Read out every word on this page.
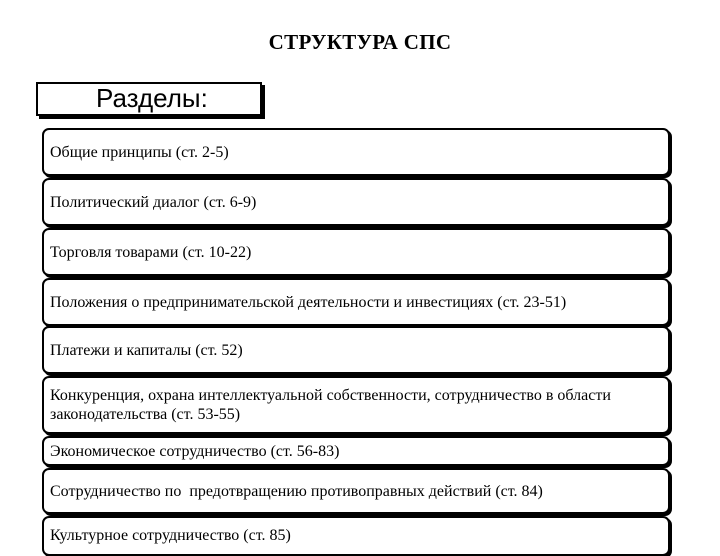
СТРУКТУРА СПС
Разделы:
Общие принципы (ст. 2-5)
Политический диалог (ст. 6-9)
Торговля товарами (ст. 10-22)
Положения о предпринимательской деятельности и инвестициях (ст. 23-51)
Платежи и капиталы (ст. 52)
Конкуренция, охрана интеллектуальной собственности, сотрудничество в области законодательства (ст. 53-55)
Экономическое сотрудничество (ст. 56-83)
Сотрудничество по  предотвращению противоправных действий (ст. 84)
Культурное сотрудничество (ст. 85)
